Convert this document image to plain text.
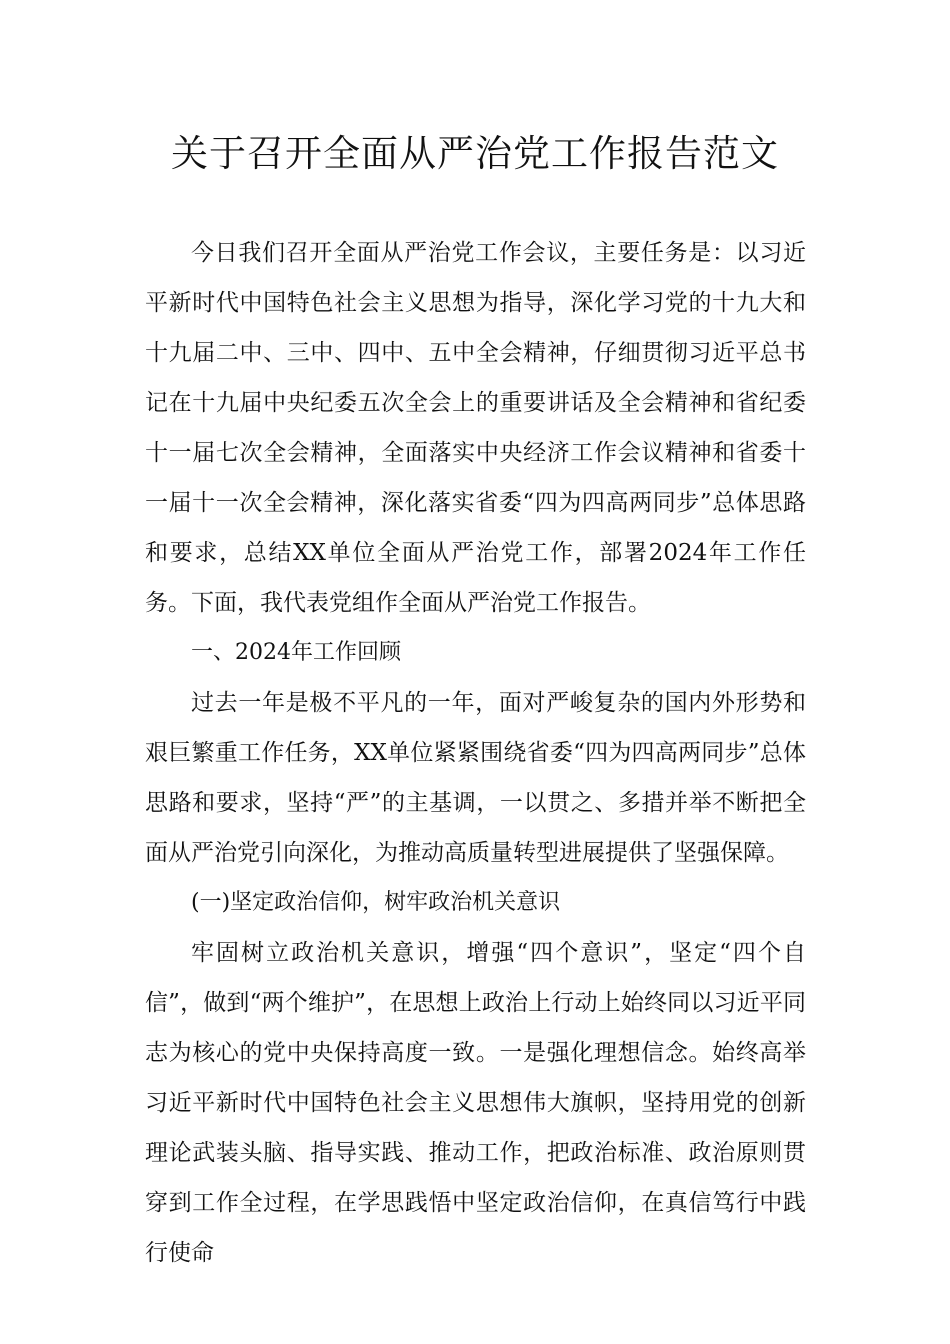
关于召开全面从严治党工作报告范文

今日我们召开全面从严治党工作会议，主要任务是：以习近平新时代中国特色社会主义思想为指导，深化学习党的十九大和十九届二中、三中、四中、五中全会精神，仔细贯彻习近平总书记在十九届中央纪委五次全会上的重要讲话及全会精神和省纪委十一届七次全会精神，全面落实中央经济工作会议精神和省委十一届十一次全会精神，深化落实省委“四为四高两同步”总体思路和要求，总结XX单位全面从严治党工作，部署2024年工作任务。下面，我代表党组作全面从严治党工作报告。

一、2024年工作回顾

过去一年是极不平凡的一年，面对严峻复杂的国内外形势和艰巨繁重工作任务，XX单位紧紧围绕省委“四为四高两同步”总体思路和要求，坚持“严”的主基调，一以贯之、多措并举不断把全面从严治党引向深化，为推动高质量转型进展提供了坚强保障。

(一)坚定政治信仰，树牢政治机关意识

牢固树立政治机关意识，增强“四个意识”，坚定“四个自信”，做到“两个维护”，在思想上政治上行动上始终同以习近平同志为核心的党中央保持高度一致。一是强化理想信念。始终高举习近平新时代中国特色社会主义思想伟大旗帜，坚持用党的创新理论武装头脑、指导实践、推动工作，把政治标准、政治原则贯穿到工作全过程，在学思践悟中坚定政治信仰，在真信笃行中践行使命
